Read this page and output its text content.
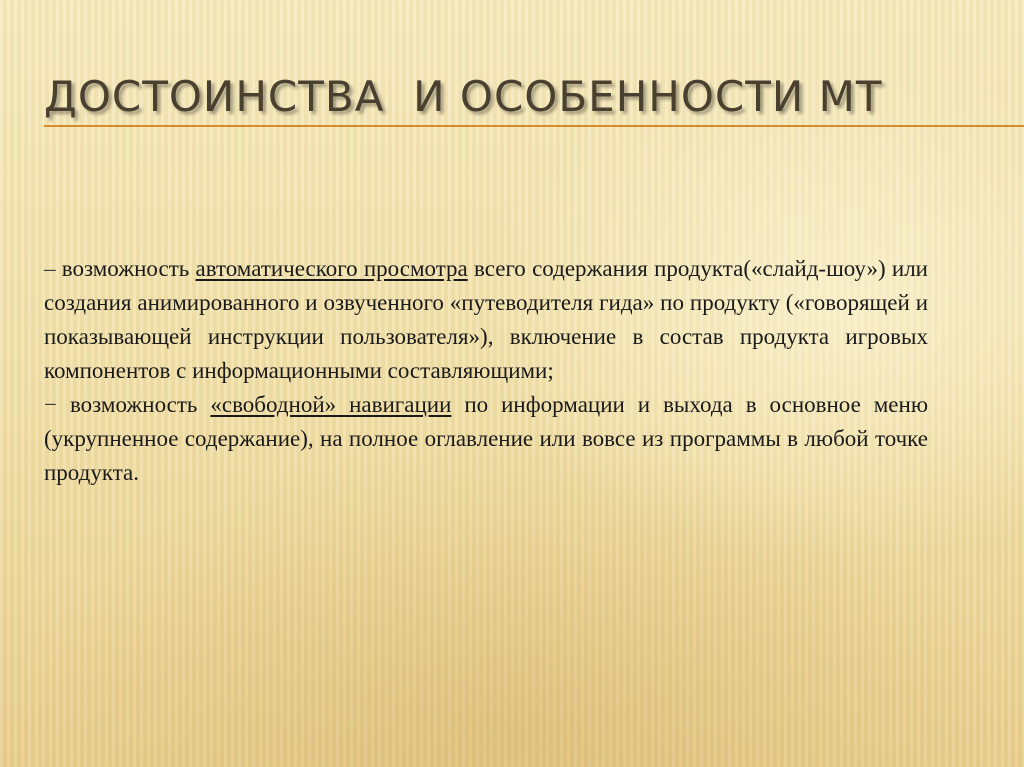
ДОСТОИНСТВА  И ОСОБЕННОСТИ МТ

– возможность автоматического просмотра всего содержания продукта(«слайд-шоу») или создания анимированного и озвученного «путеводителя гида» по продукту («говорящей и показывающей инструкции пользователя»), включение в состав продукта игровых компонентов с информационными составляющими;

− возможность «свободной» навигации по информации и выхода в основное меню (укрупненное содержание), на полное оглавление или вовсе из программы в любой точке продукта.
